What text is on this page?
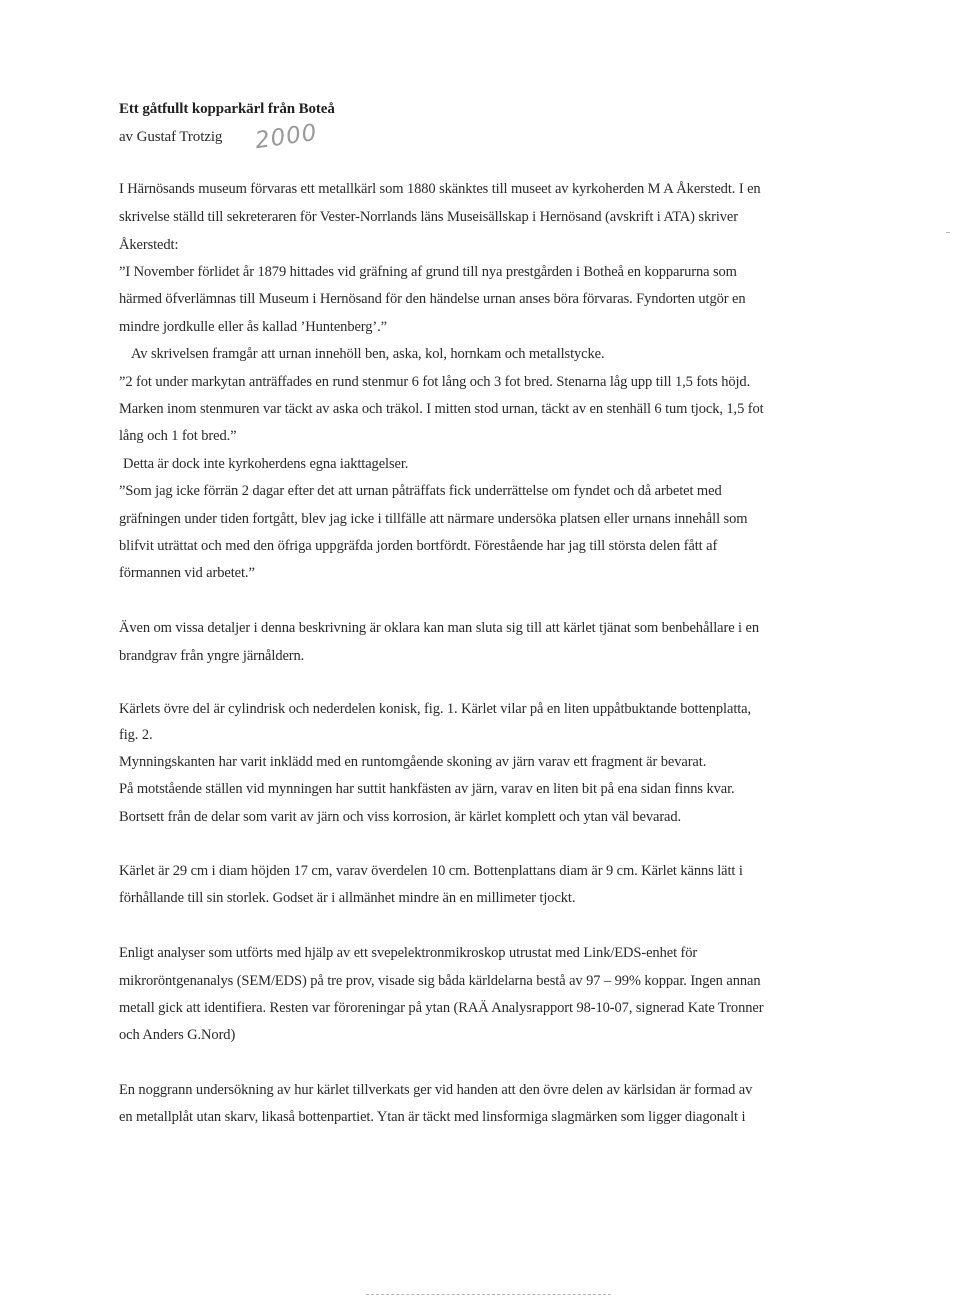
Ett gåtfullt kopparkärl från Boteå
av Gustaf Trotzig 2000
I Härnösands museum förvaras ett metallkärl som 1880 skänktes till museet av kyrkoherden M A Åkerstedt. I en
skrivelse ställd till sekreteraren för Vester-Norrlands läns Museisällskap i Hernösand (avskrift i ATA) skriver
Åkerstedt:
”I November förlidet år 1879 hittades vid gräfning af grund till nya prestgården i Botheå en kopparurna som
härmed öfverlämnas till Museum i Hernösand för den händelse urnan anses böra förvaras. Fyndorten utgör en
mindre jordkulle eller ås kallad ’Huntenberg’.”
Av skrivelsen framgår att urnan innehöll ben, aska, kol, hornkam och metallstycke.
”2 fot under markytan anträffades en rund stenmur 6 fot lång och 3 fot bred. Stenarna låg upp till 1,5 fots höjd.
Marken inom stenmuren var täckt av aska och träkol. I mitten stod urnan, täckt av en stenhäll 6 tum tjock, 1,5 fot
lång och 1 fot bred.”
Detta är dock inte kyrkoherdens egna iakttagelser.
”Som jag icke förrän 2 dagar efter det att urnan påträffats fick underrättelse om fyndet och då arbetet med
gräfningen under tiden fortgått, blev jag icke i tillfälle att närmare undersöka platsen eller urnans innehåll som
blifvit uträttat och med den öfriga uppgräfda jorden bortfördt. Förestående har jag till största delen fått af
förmannen vid arbetet.”
Även om vissa detaljer i denna beskrivning är oklara kan man sluta sig till att kärlet tjänat som benbehållare i en
brandgrav från yngre järnåldern.
Kärlets övre del är cylindrisk och nederdelen konisk, fig. 1. Kärlet vilar på en liten uppåtbuktande bottenplatta,
fig. 2.
Mynningskanten har varit inklädd med en runtomgående skoning av järn varav ett fragment är bevarat.
På motstående ställen vid mynningen har suttit hankfästen av järn, varav en liten bit på ena sidan finns kvar.
Bortsett från de delar som varit av järn och viss korrosion, är kärlet komplett och ytan väl bevarad.
Kärlet är 29 cm i diam höjden 17 cm, varav överdelen 10 cm. Bottenplattans diam är 9 cm. Kärlet känns lätt i
förhållande till sin storlek. Godset är i allmänhet mindre än en millimeter tjockt.
Enligt analyser som utförts med hjälp av ett svepelektronmikroskop utrustat med Link/EDS-enhet för
mikroröntgenanalys (SEM/EDS) på tre prov, visade sig båda kärldelarna bestå av 97 – 99% koppar. Ingen annan
metall gick att identifiera. Resten var föroreningar på ytan (RAÄ Analysrapport 98-10-07, signerad Kate Tronner
och Anders G.Nord)
En noggrann undersökning av hur kärlet tillverkats ger vid handen att den övre delen av kärlsidan är formad av
en metallplåt utan skarv, likaså bottenpartiet. Ytan är täckt med linsformiga slagmärken som ligger diagonalt i
